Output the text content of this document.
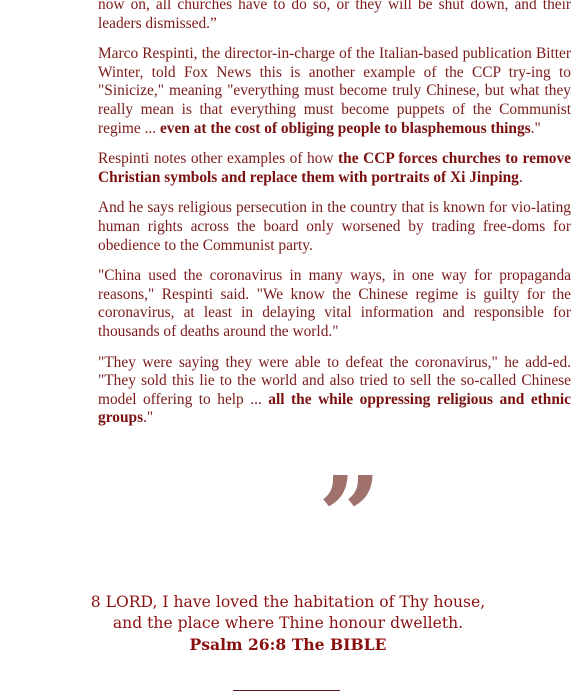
now on, all churches have to do so, or they will be shut down, and their leaders dismissed.”

Marco Respinti, the director-in-charge of the Italian-based publication Bitter Winter, told Fox News this is another example of the CCP try-ing to "Sinicize," meaning "everything must become truly Chinese, but what they really mean is that everything must become puppets of the Communist regime ... even at the cost of obliging people to blasphemous things."

Respinti notes other examples of how the CCP forces churches to remove Christian symbols and replace them with portraits of Xi Jinping.

And he says religious persecution in the country that is known for vio-lating human rights across the board only worsened by trading free-doms for obedience to the Communist party.

"China used the coronavirus in many ways, in one way for propaganda reasons," Respinti said. "We know the Chinese regime is guilty for the coronavirus, at least in delaying vital information and responsible for thousands of deaths around the world."

"They were saying they were able to defeat the coronavirus," he add-ed. "They sold this lie to the world and also tried to sell the so-called Chinese model offering to help ... all the while oppressing religious and ethnic groups."

”
8 LORD, I have loved the habitation of Thy house,
and the place where Thine honour dwelleth.
Psalm 26:8 The BIBLE
